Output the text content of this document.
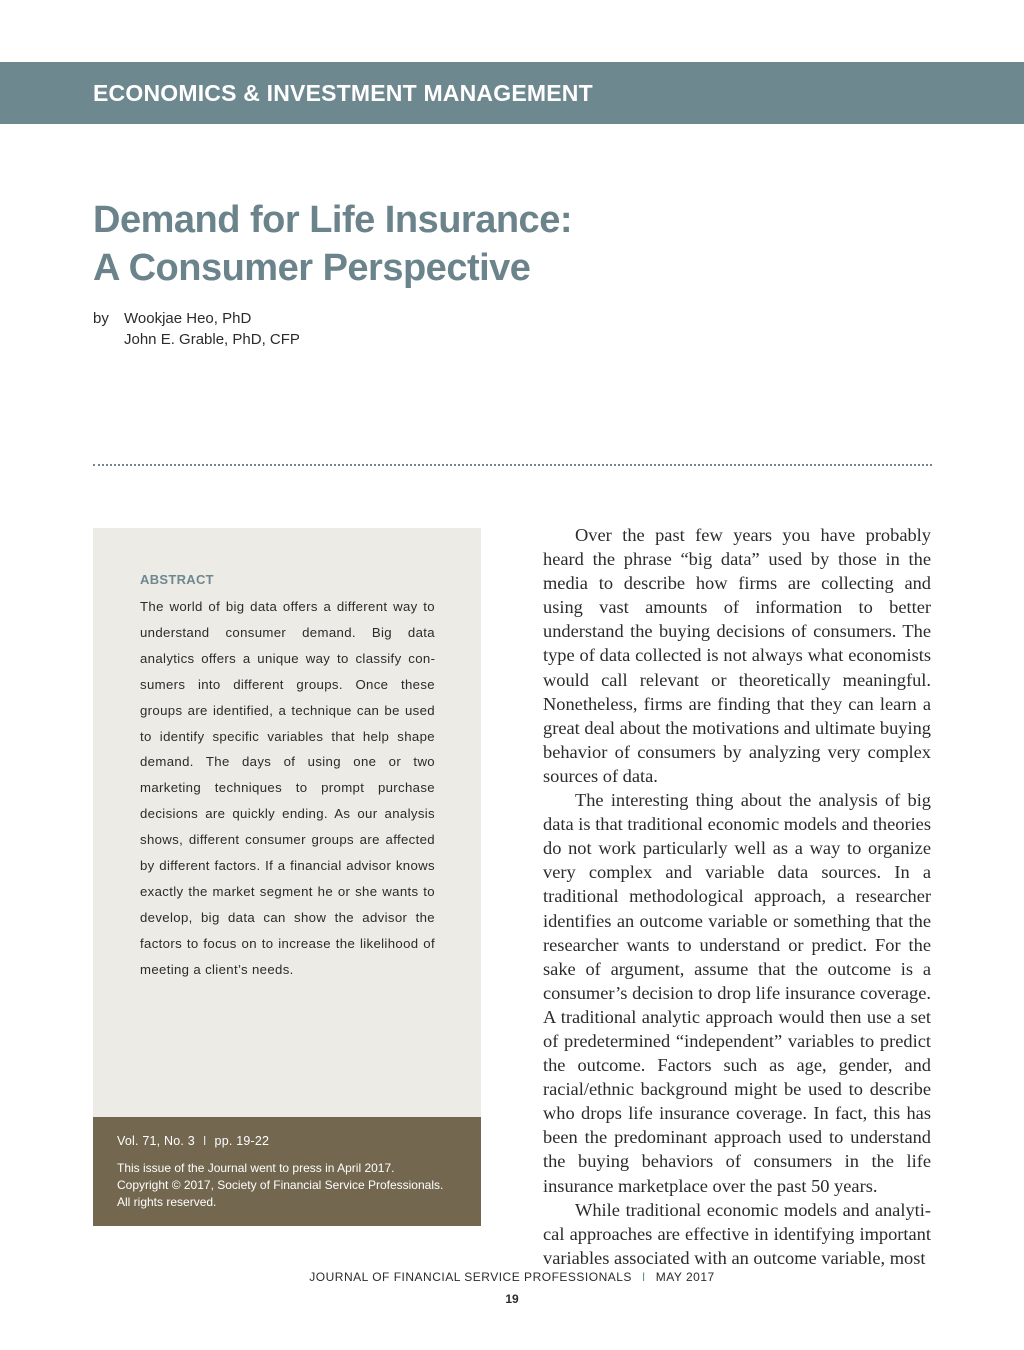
ECONOMICS & INVESTMENT MANAGEMENT
Demand for Life Insurance:
A Consumer Perspective
by Wookjae Heo, PhD
John E. Grable, PhD, CFP
ABSTRACT

The world of big data offers a different way to understand consumer demand. Big data analytics offers a unique way to classify consumers into different groups. Once these groups are identified, a technique can be used to identify specific variables that help shape demand. The days of using one or two marketing techniques to prompt purchase decisions are quickly ending. As our analysis shows, different consumer groups are affected by different factors. If a financial advisor knows exactly the market segment he or she wants to develop, big data can show the advisor the factors to focus on to increase the likelihood of meeting a client’s needs.

Vol. 71, No. 3 I pp. 19-22
This issue of the Journal went to press in April 2017.
Copyright © 2017, Society of Financial Service Professionals.
All rights reserved.

Over the past few years you have probably heard the phrase “big data” used by those in the media to describe how firms are collecting and using vast amounts of information to better understand the buying decisions of consumers. The type of data collected is not always what economists would call relevant or theoretically meaningful. Nonetheless, firms are finding that they can learn a great deal about the motivations and ultimate buying behavior of consumers by analyzing very complex sources of data.

The interesting thing about the analysis of big data is that traditional economic models and theories do not work particularly well as a way to organize very complex and variable data sources. In a traditional methodological approach, a researcher identifies an outcome variable or something that the researcher wants to understand or predict. For the sake of argument, assume that the outcome is a consumer’s decision to drop life insurance coverage. A traditional analytic approach would then use a set of predetermined “independent” variables to predict the outcome. Factors such as age, gender, and racial/ethnic background might be used to describe who drops life insurance coverage. In fact, this has been the predominant approach used to understand the buying behaviors of consumers in the life insurance marketplace over the past 50 years.

While traditional economic models and analytical approaches are effective in identifying important variables associated with an outcome variable, most

JOURNAL OF FINANCIAL SERVICE PROFESSIONALS I MAY 2017
19
